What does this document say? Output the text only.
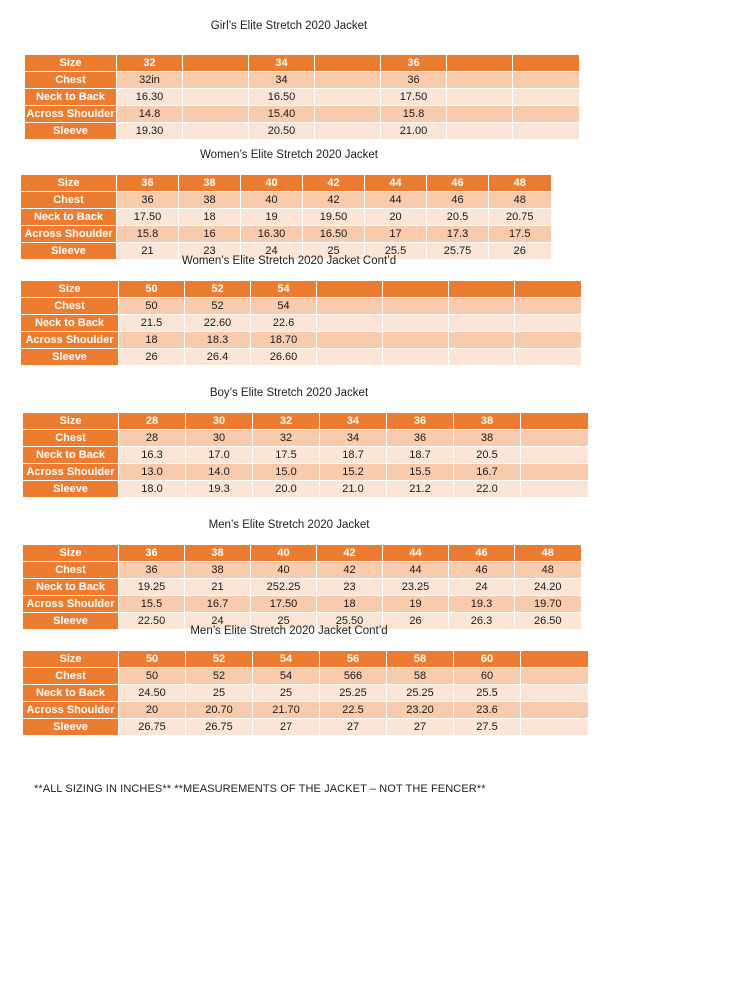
Girl’s Elite Stretch 2020 Jacket
Size	32		34		36		
Chest	32in		34		36		
Neck to Back	16.30		16.50		17.50		
Across Shoulder	14.8		15.40		15.8		
Sleeve	19.30		20.50		21.00		
Women’s Elite Stretch 2020 Jacket
Size	36	38	40	42	44	46	48
Chest	36	38	40	42	44	46	48
Neck to Back	17.50	18	19	19.50	20	20.5	20.75
Across Shoulder	15.8	16	16.30	16.50	17	17.3	17.5
Sleeve	21	23	24	25	25.5	25.75	26
Women’s Elite Stretch 2020 Jacket Cont’d
Size	50	52	54				
Chest	50	52	54				
Neck to Back	21.5	22.60	22.6				
Across Shoulder	18	18.3	18.70				
Sleeve	26	26.4	26.60				
Boy’s Elite Stretch 2020 Jacket
Size	28	30	32	34	36	38	
Chest	28	30	32	34	36	38	
Neck to Back	16.3	17.0	17.5	18.7	18.7	20.5	
Across Shoulder	13.0	14.0	15.0	15.2	15.5	16.7	
Sleeve	18.0	19.3	20.0	21.0	21.2	22.0	
Men’s Elite Stretch 2020 Jacket
Size	36	38	40	42	44	46	48
Chest	36	38	40	42	44	46	48
Neck to Back	19.25	21	252.25	23	23.25	24	24.20
Across Shoulder	15.5	16.7	17.50	18	19	19.3	19.70
Sleeve	22.50	24	25	25.50	26	26.3	26.50
Men’s Elite Stretch 2020 Jacket Cont’d
Size	50	52	54	56	58	60	
Chest	50	52	54	566	58	60	
Neck to Back	24.50	25	25	25.25	25.25	25.5	
Across Shoulder	20	20.70	21.70	22.5	23.20	23.6	
Sleeve	26.75	26.75	27	27	27	27.5	
**ALL SIZING IN INCHES** **MEASUREMENTS OF THE JACKET – NOT THE FENCER**
